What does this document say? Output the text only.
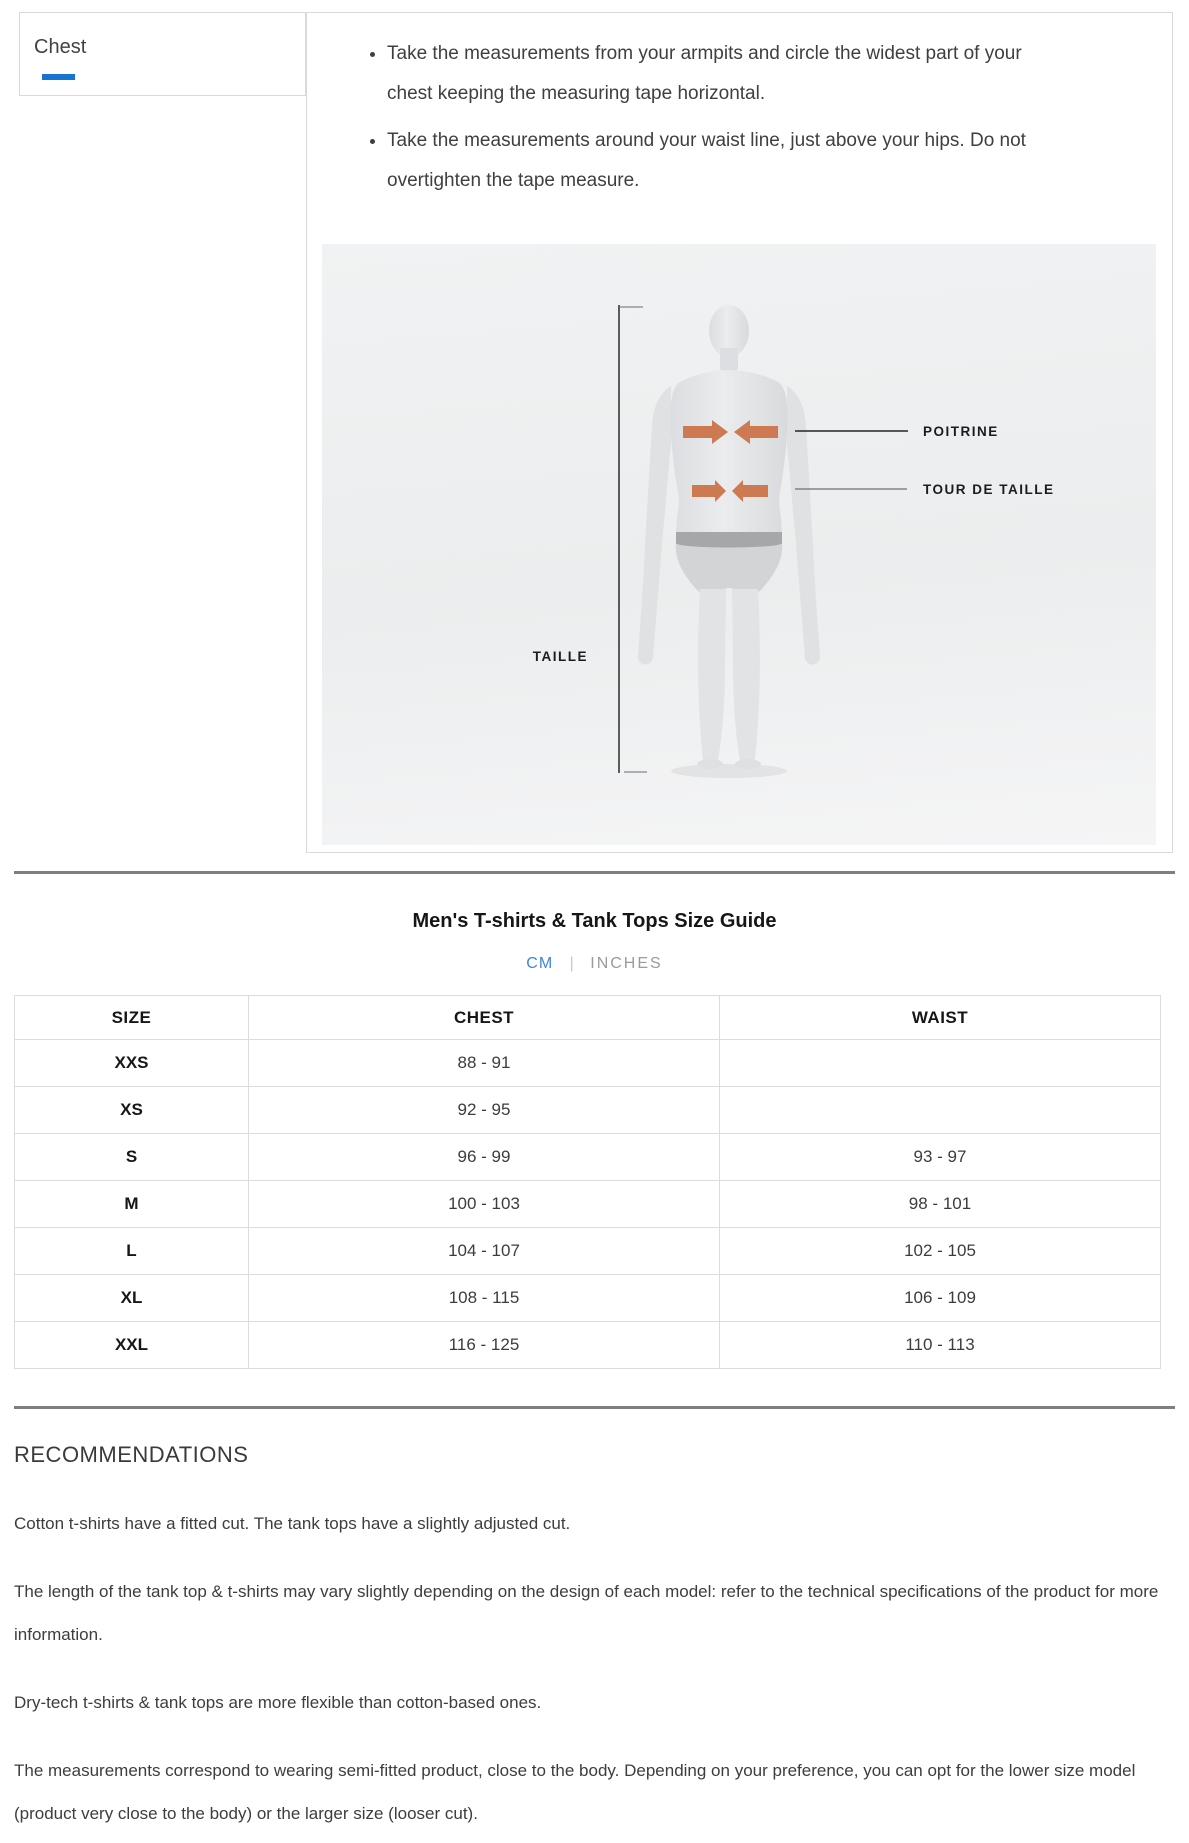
Chest	• Take the measurements from your armpits and circle the widest part of your chest keeping the measuring tape horizontal.
• Take the measurements around your waist line, just above your hips. Do not overtighten the tape measure.
TAILLE
POITRINE
TOUR DE TAILLE
Men's T-shirts & Tank Tops Size Guide
CM | INCHES
SIZE	CHEST	WAIST
XXS	88 - 91	
XS	92 - 95	
S	96 - 99	93 - 97
M	100 - 103	98 - 101
L	104 - 107	102 - 105
XL	108 - 115	106 - 109
XXL	116 - 125	110 - 113
RECOMMENDATIONS

Cotton t-shirts have a fitted cut. The tank tops have a slightly adjusted cut.

The length of the tank top & t-shirts may vary slightly depending on the design of each model: refer to the technical specifications of the product for more information.

Dry-tech t-shirts & tank tops are more flexible than cotton-based ones.

The measurements correspond to wearing semi-fitted product, close to the body. Depending on your preference, you can opt for the lower size model (product very close to the body) or the larger size (looser cut).
